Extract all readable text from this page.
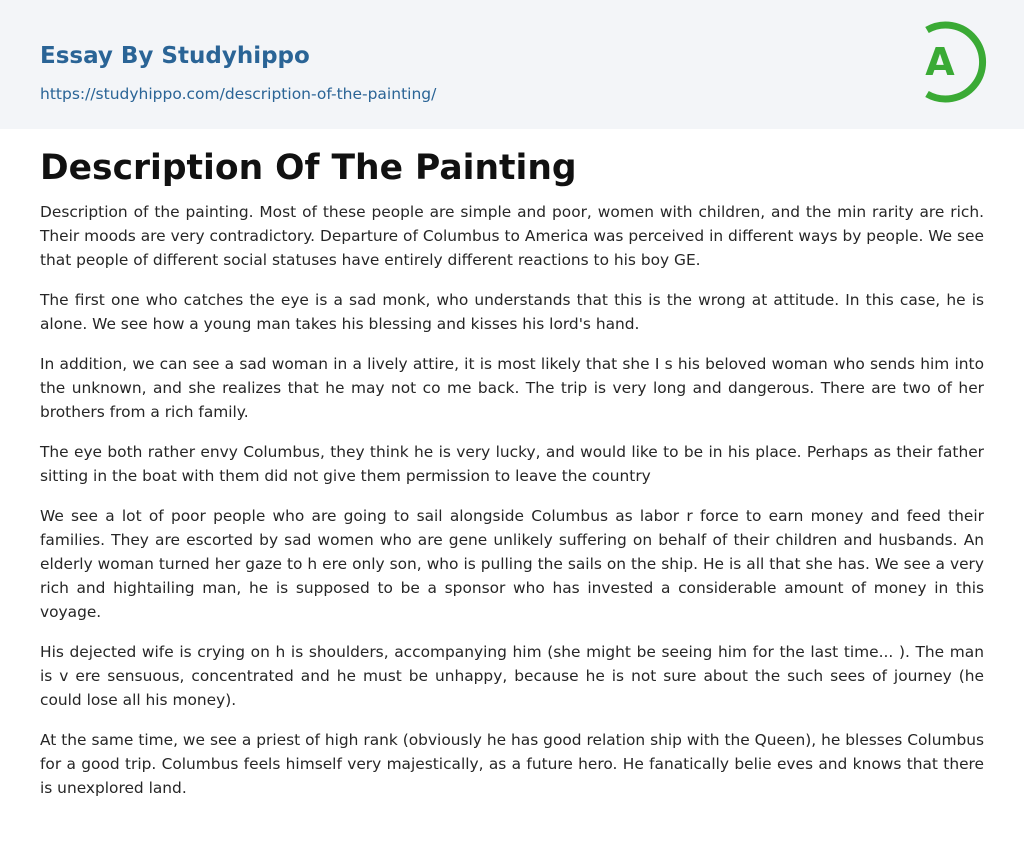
Essay By Studyhippo
https://studyhippo.com/description-of-the-painting/
A
Description Of The Painting

Description of the painting. Most of these people are simple and poor, women with children, and the min rarity are rich. Their moods are very contradictory. Departure of Columbus to America was perceived in different ways by people. We see that people of different social statuses have entirely different reactions to his boy GE.

The first one who catches the eye is a sad monk, who understands that this is the wrong at attitude. In this case, he is alone. We see how a young man takes his blessing and kisses his lord's hand.

In addition, we can see a sad woman in a lively attire, it is most likely that she I s his beloved woman who sends him into the unknown, and she realizes that he may not co me back. The trip is very long and dangerous. There are two of her brothers from a rich family.

The eye both rather envy Columbus, they think he is very lucky, and would like to be in his place. Perhaps as their father sitting in the boat with them did not give them permission to leave the country

We see a lot of poor people who are going to sail alongside Columbus as labor r force to earn money and feed their families. They are escorted by sad women who are gene unlikely suffering on behalf of their children and husbands. An elderly woman turned her gaze to h ere only son, who is pulling the sails on the ship. He is all that she has. We see a very rich and hightailing man, he is supposed to be a sponsor who has invested a considerable amount of money in this voyage.

His dejected wife is crying on h is shoulders, accompanying him (she might be seeing him for the last time... ). The man is v ere sensuous, concentrated and he must be unhappy, because he is not sure about the such sees of journey (he could lose all his money).

At the same time, we see a priest of high rank (obviously he has good relation ship with the Queen), he blesses Columbus for a good trip. Columbus feels himself very majestically, as a future hero. He fanatically belie eves and knows that there is unexplored land.
